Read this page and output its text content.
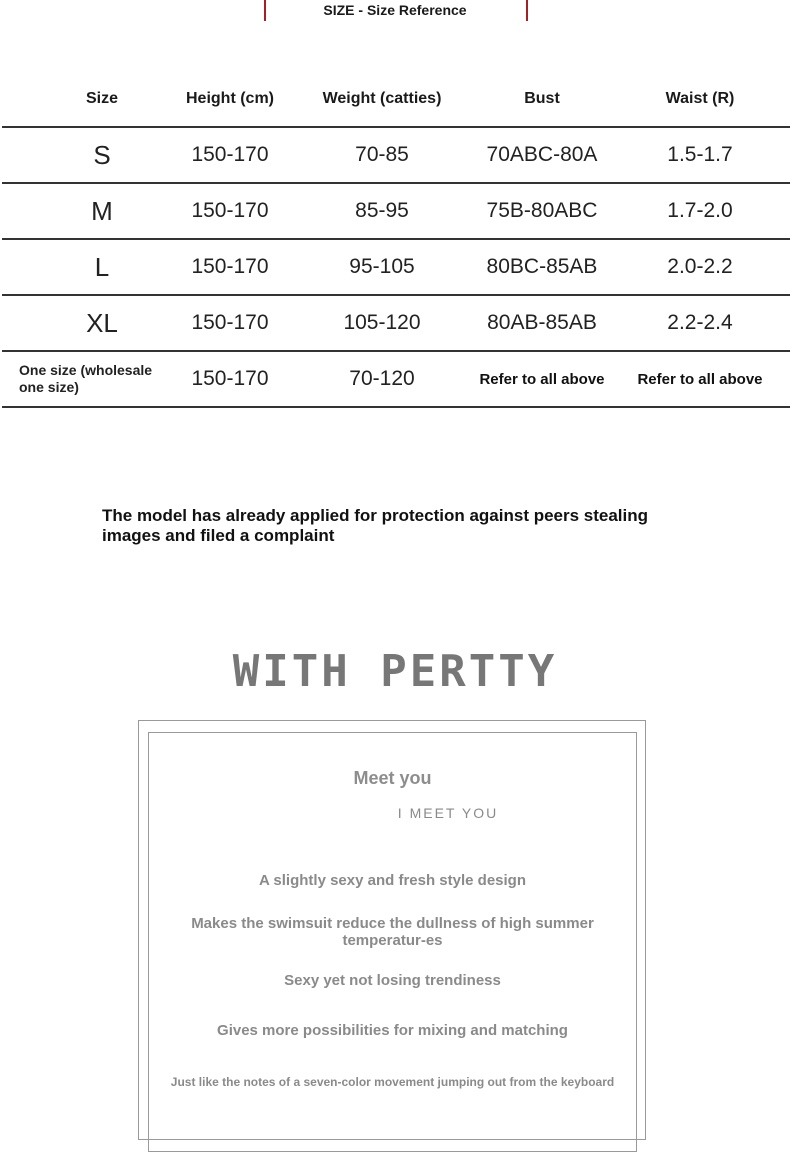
SIZE - Size Reference
Size	Height (cm)	Weight (catties)	Bust	Waist (R)
S	150-170	70-85	70ABC-80A	1.5-1.7
M	150-170	85-95	75B-80ABC	1.7-2.0
L	150-170	95-105	80BC-85AB	2.0-2.2
XL	150-170	105-120	80AB-85AB	2.2-2.4
One size (wholesale one size)	150-170	70-120	Refer to all above	Refer to all above
The model has already applied for protection against peers stealing images and filed a complaint
WITH PERTTY
Meet you
I MEET YOU
A slightly sexy and fresh style design
Makes the swimsuit reduce the dullness of high summer temperatur-es
Sexy yet not losing trendiness
Gives more possibilities for mixing and matching
Just like the notes of a seven-color movement jumping out from the keyboard
